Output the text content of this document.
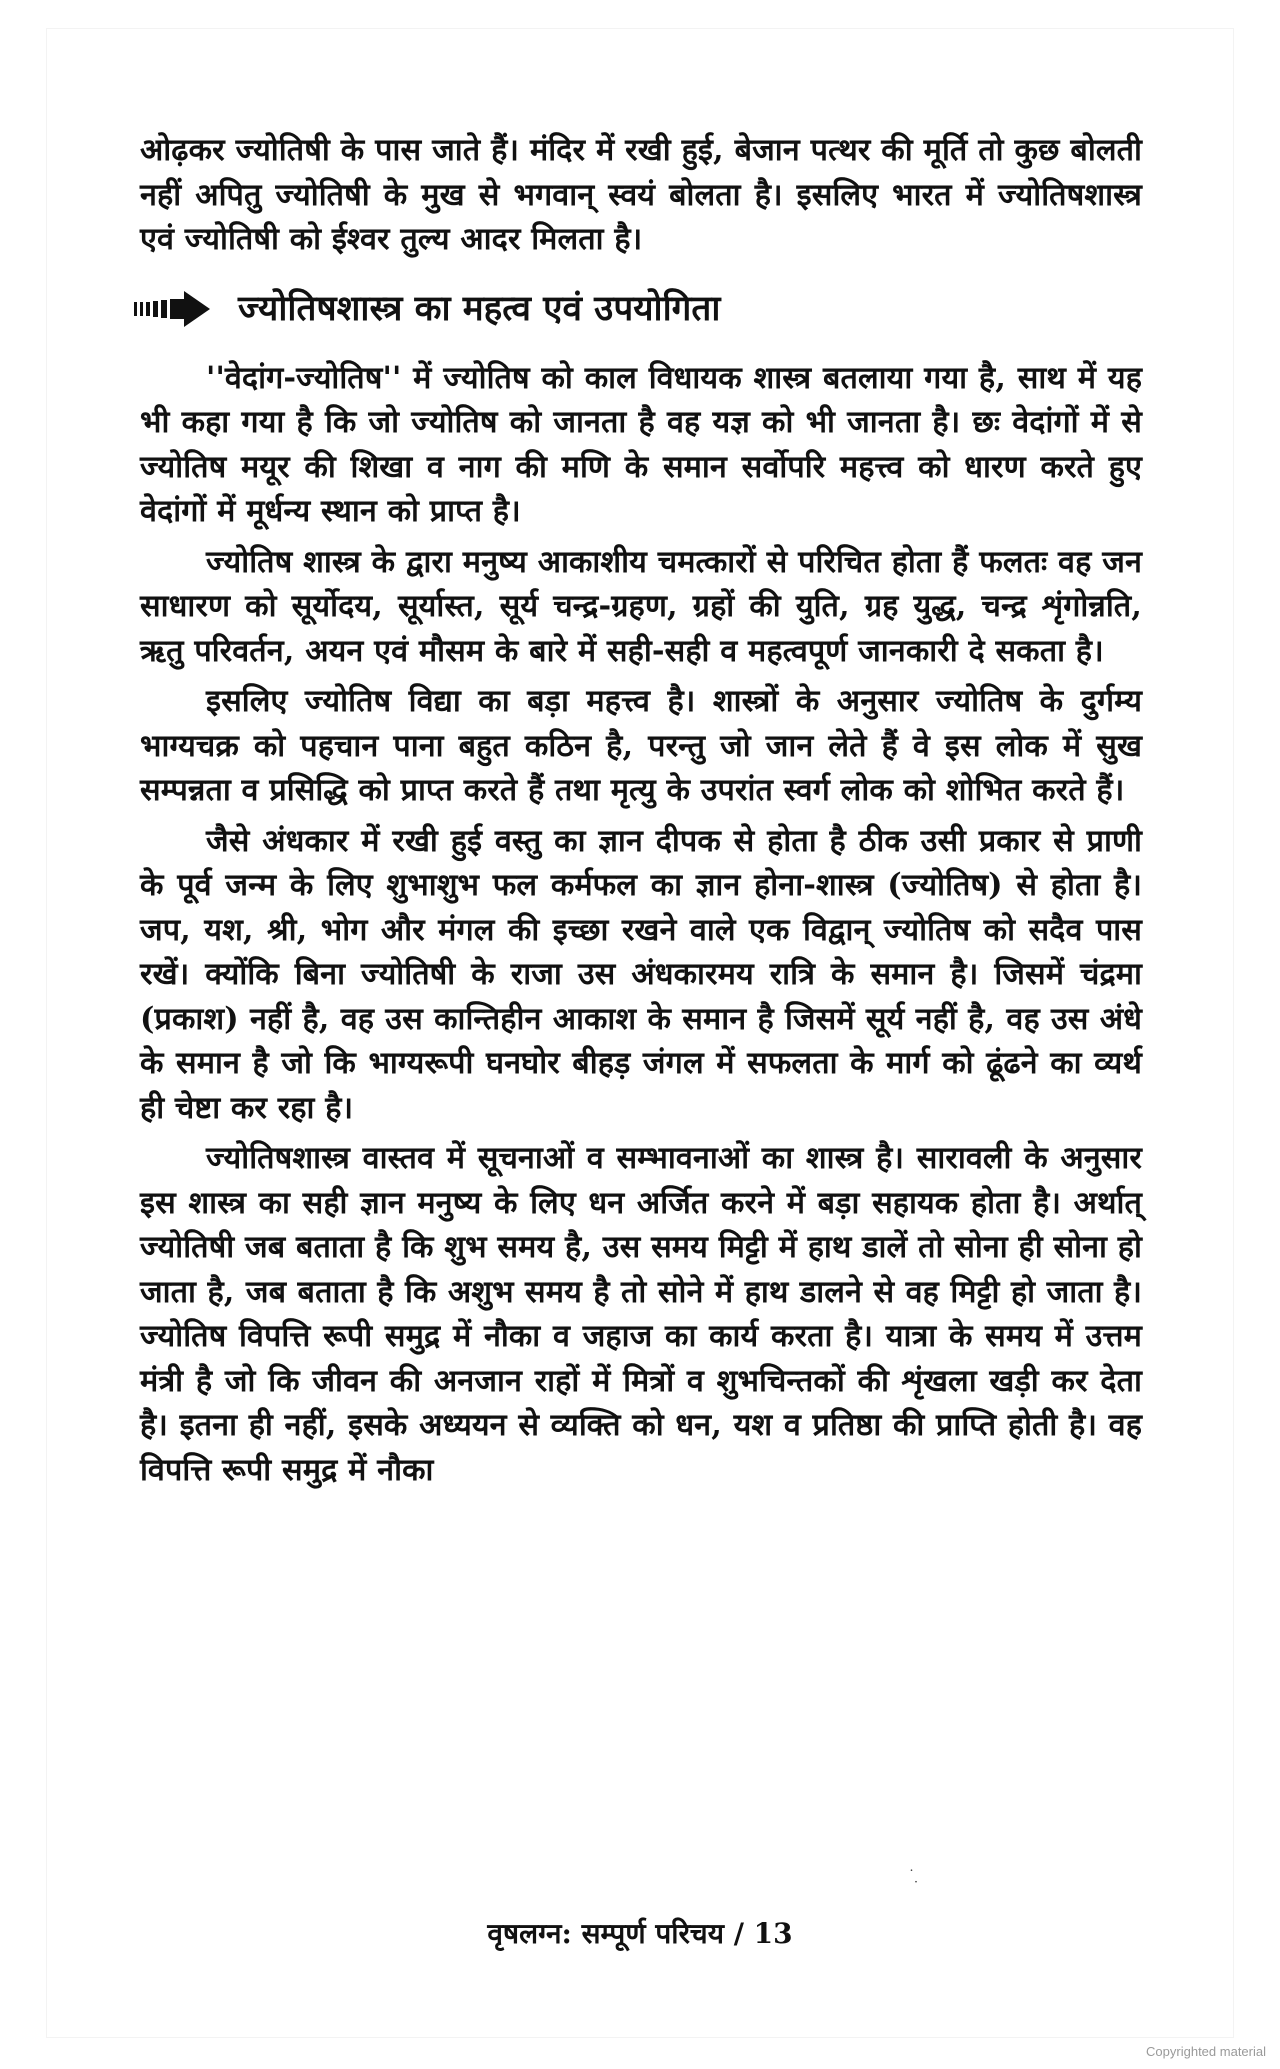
ओढ़कर ज्योतिषी के पास जाते हैं। मंदिर में रखी हुई, बेजान पत्थर की मूर्ति तो कुछ बोलती नहीं अपितु ज्योतिषी के मुख से भगवान् स्वयं बोलता है। इसलिए भारत में ज्योतिषशास्त्र एवं ज्योतिषी को ईश्वर तुल्य आदर मिलता है।

ज्योतिषशास्त्र का महत्व एवं उपयोगिता

''वेदांग-ज्योतिष'' में ज्योतिष को काल विधायक शास्त्र बतलाया गया है, साथ में यह भी कहा गया है कि जो ज्योतिष को जानता है वह यज्ञ को भी जानता है। छः वेदांगों में से ज्योतिष मयूर की शिखा व नाग की मणि के समान सर्वोपरि महत्त्व को धारण करते हुए वेदांगों में मूर्धन्य स्थान को प्राप्त है।

ज्योतिष शास्त्र के द्वारा मनुष्य आकाशीय चमत्कारों से परिचित होता हैं फलतः वह जन साधारण को सूर्योदय, सूर्यास्त, सूर्य चन्द्र-ग्रहण, ग्रहों की युति, ग्रह युद्ध, चन्द्र शृंगोन्नति, ऋतु परिवर्तन, अयन एवं मौसम के बारे में सही-सही व महत्वपूर्ण जानकारी दे सकता है।

इसलिए ज्योतिष विद्या का बड़ा महत्त्व है। शास्त्रों के अनुसार ज्योतिष के दुर्गम्य भाग्यचक्र को पहचान पाना बहुत कठिन है, परन्तु जो जान लेते हैं वे इस लोक में सुख सम्पन्नता व प्रसिद्धि को प्राप्त करते हैं तथा मृत्यु के उपरांत स्वर्ग लोक को शोभित करते हैं।

जैसे अंधकार में रखी हुई वस्तु का ज्ञान दीपक से होता है ठीक उसी प्रकार से प्राणी के पूर्व जन्म के लिए शुभाशुभ फल कर्मफल का ज्ञान होना-शास्त्र (ज्योतिष) से होता है। जप, यश, श्री, भोग और मंगल की इच्छा रखने वाले एक विद्वान् ज्योतिष को सदैव पास रखें। क्योंकि बिना ज्योतिषी के राजा उस अंधकारमय रात्रि के समान है। जिसमें चंद्रमा (प्रकाश) नहीं है, वह उस कान्तिहीन आकाश के समान है जिसमें सूर्य नहीं है, वह उस अंधे के समान है जो कि भाग्यरूपी घनघोर बीहड़ जंगल में सफलता के मार्ग को ढूंढने का व्यर्थ ही चेष्टा कर रहा है।

ज्योतिषशास्त्र वास्तव में सूचनाओं व सम्भावनाओं का शास्त्र है। सारावली के अनुसार इस शास्त्र का सही ज्ञान मनुष्य के लिए धन अर्जित करने में बड़ा सहायक होता है। अर्थात् ज्योतिषी जब बताता है कि शुभ समय है, उस समय मिट्टी में हाथ डालें तो सोना ही सोना हो जाता है, जब बताता है कि अशुभ समय है तो सोने में हाथ डालने से वह मिट्टी हो जाता है। ज्योतिष विपत्ति रूपी समुद्र में नौका व जहाज का कार्य करता है। यात्रा के समय में उत्तम मंत्री है जो कि जीवन की अनजान राहों में मित्रों व शुभचिन्तकों की शृंखला खड़ी कर देता है। इतना ही नहीं, इसके अध्ययन से व्यक्ति को धन, यश व प्रतिष्ठा की प्राप्ति होती है। वह विपत्ति रूपी समुद्र में नौका

˙ ̣
वृषलग्न: सम्पूर्ण परिचय / 13
Copyrighted material
